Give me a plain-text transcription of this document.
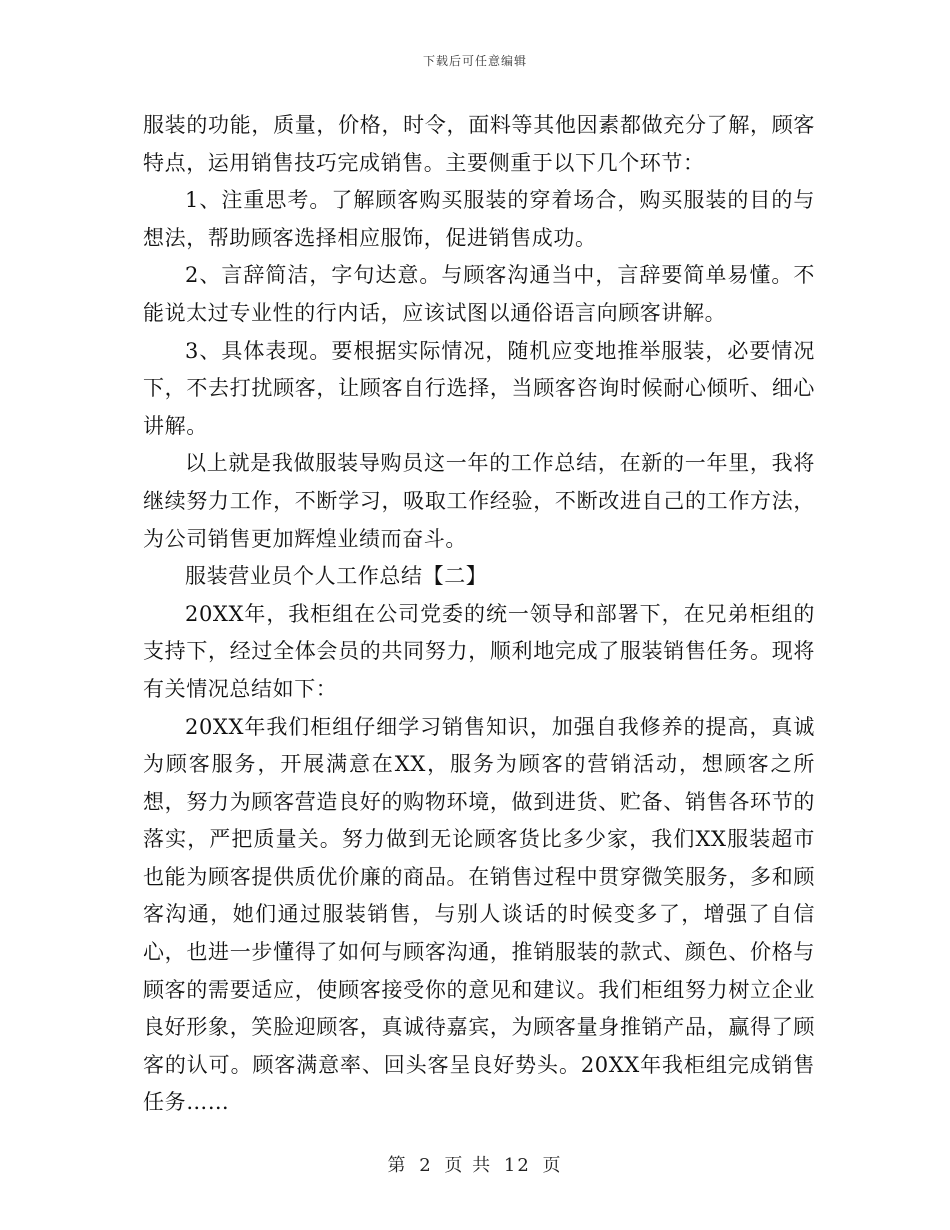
下载后可任意编辑

服装的功能，质量，价格，时令，面料等其他因素都做充分了解，顾客特点，运用销售技巧完成销售。主要侧重于以下几个环节：

1、注重思考。了解顾客购买服装的穿着场合，购买服装的目的与想法，帮助顾客选择相应服饰，促进销售成功。

2、言辞简洁，字句达意。与顾客沟通当中，言辞要简单易懂。不能说太过专业性的行内话，应该试图以通俗语言向顾客讲解。

3、具体表现。要根据实际情况，随机应变地推举服装，必要情况下，不去打扰顾客，让顾客自行选择，当顾客咨询时候耐心倾听、细心讲解。

以上就是我做服装导购员这一年的工作总结，在新的一年里，我将继续努力工作，不断学习，吸取工作经验，不断改进自己的工作方法，为公司销售更加辉煌业绩而奋斗。

服装营业员个人工作总结【二】

20XX年，我柜组在公司党委的统一领导和部署下，在兄弟柜组的支持下，经过全体会员的共同努力，顺利地完成了服装销售任务。现将有关情况总结如下：

20XX年我们柜组仔细学习销售知识，加强自我修养的提高，真诚为顾客服务，开展满意在XX，服务为顾客的营销活动，想顾客之所想，努力为顾客营造良好的购物环境，做到进货、贮备、销售各环节的落实，严把质量关。努力做到无论顾客货比多少家，我们XX服装超市也能为顾客提供质优价廉的商品。在销售过程中贯穿微笑服务，多和顾客沟通，她们通过服装销售，与别人谈话的时候变多了，增强了自信心，也进一步懂得了如何与顾客沟通，推销服装的款式、颜色、价格与顾客的需要适应，使顾客接受你的意见和建议。我们柜组努力树立企业良好形象，笑脸迎顾客，真诚待嘉宾，为顾客量身推销产品，赢得了顾客的认可。顾客满意率、回头客呈良好势头。20XX年我柜组完成销售任务……

第 2 页 共 12 页
